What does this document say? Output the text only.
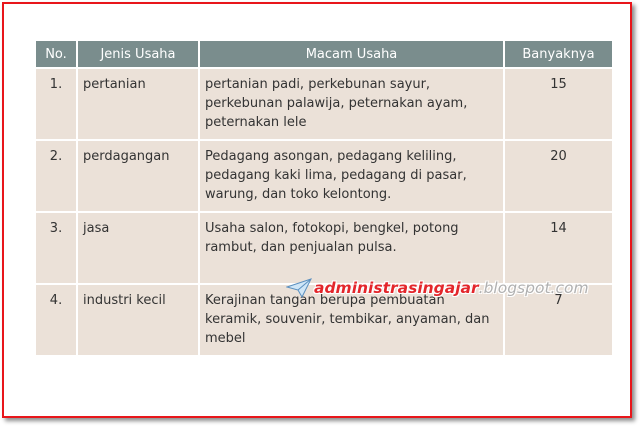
No.	Jenis Usaha	Macam Usaha	Banyaknya
1.	pertanian	pertanian padi, perkebunan sayur, perkebunan palawija, peternakan ayam, peternakan lele	15
2.	perdagangan	Pedagang asongan, pedagang keliling, pedagang kaki lima, pedagang di pasar, warung, dan toko kelontong.	20
3.	jasa	Usaha salon, fotokopi, bengkel, potong rambut, dan penjualan pulsa.	14
4.	industri kecil	Kerajinan tangan berupa pembuatan keramik, souvenir, tembikar, anyaman, dan mebel	7
administrasingajar .blogspot.com
